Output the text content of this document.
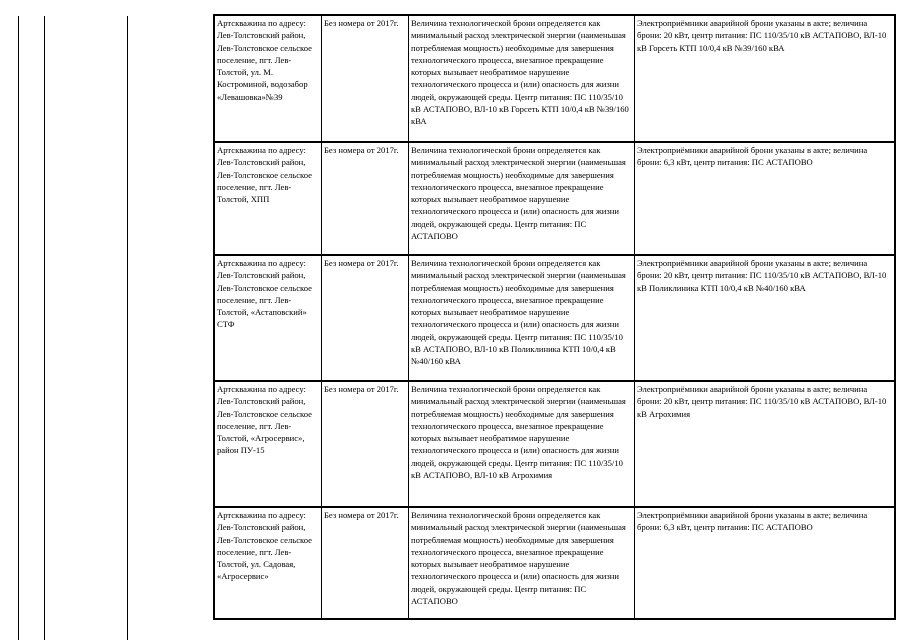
Артскважина по адресу: Лев-Толстовский район, Лев-Толстовское сельское поселение, пгт. Лев-Толстой, ул. М. Костроминой, водозабор «Левашовка»№39	Без номера от 2017г.	Величина технологической брони определяется как минимальный расход электрической энергии (наименьшая потребляемая мощность) необходимые для завершения технологического процесса, внезапное прекращение которых вызывает необратимое нарушение технологического процесса и (или) опасность для жизни людей, окружающей среды. Центр питания: ПС 110/35/10 кВ АСТАПОВО, ВЛ-10 кВ Горсеть КТП 10/0,4 кВ №39/160 кВА	Электроприёмники аварийной брони указаны в акте; величина брони: 20 кВт, центр питания: ПС 110/35/10 кВ АСТАПОВО, ВЛ-10 кВ Горсеть КТП 10/0,4 кВ №39/160 кВА
Артскважина по адресу: Лев-Толстовский район, Лев-Толстовское сельское поселение, пгт. Лев-Толстой, ХПП	Без номера от 2017г.	Величина технологической брони определяется как минимальный расход электрической энергии (наименьшая потребляемая мощность) необходимые для завершения технологического процесса, внезапное прекращение которых вызывает необратимое нарушение технологического процесса и (или) опасность для жизни людей, окружающей среды. Центр питания: ПС АСТАПОВО	Электроприёмники аварийной брони указаны в акте; величина брони: 6,3 кВт, центр питания: ПС АСТАПОВО
Артскважина по адресу: Лев-Толстовский район, Лев-Толстовское сельское поселение, пгт. Лев-Толстой, «Астаповский» СТФ	Без номера от 2017г.	Величина технологической брони определяется как минимальный расход электрической энергии (наименьшая потребляемая мощность) необходимые для завершения технологического процесса, внезапное прекращение которых вызывает необратимое нарушение технологического процесса и (или) опасность для жизни людей, окружающей среды. Центр питания: ПС 110/35/10 кВ АСТАПОВО, ВЛ-10 кВ Поликлиника КТП 10/0,4 кВ №40/160 кВА	Электроприёмники аварийной брони указаны в акте; величина брони: 20 кВт, центр питания: ПС 110/35/10 кВ АСТАПОВО, ВЛ-10 кВ Поликлиника КТП 10/0,4 кВ №40/160 кВА
Артскважина по адресу: Лев-Толстовский район, Лев-Толстовское сельское поселение, пгт. Лев-Толстой, «Агросервис», район ПУ-15	Без номера от 2017г.	Величина технологической брони определяется как минимальный расход электрической энергии (наименьшая потребляемая мощность) необходимые для завершения технологического процесса, внезапное прекращение которых вызывает необратимое нарушение технологического процесса и (или) опасность для жизни людей, окружающей среды. Центр питания: ПС 110/35/10 кВ АСТАПОВО, ВЛ-10 кВ Агрохимия	Электроприёмники аварийной брони указаны в акте; величина брони: 20 кВт, центр питания: ПС 110/35/10 кВ АСТАПОВО, ВЛ-10 кВ Агрохимия
Артскважина по адресу: Лев-Толстовский район, Лев-Толстовское сельское поселение, пгт. Лев-Толстой, ул. Садовая, «Агросервис»	Без номера от 2017г.	Величина технологической брони определяется как минимальный расход электрической энергии (наименьшая потребляемая мощность) необходимые для завершения технологического процесса, внезапное прекращение которых вызывает необратимое нарушение технологического процесса и (или) опасность для жизни людей, окружающей среды. Центр питания: ПС АСТАПОВО	Электроприёмники аварийной брони указаны в акте; величина брони: 6,3 кВт, центр питания: ПС АСТАПОВО
